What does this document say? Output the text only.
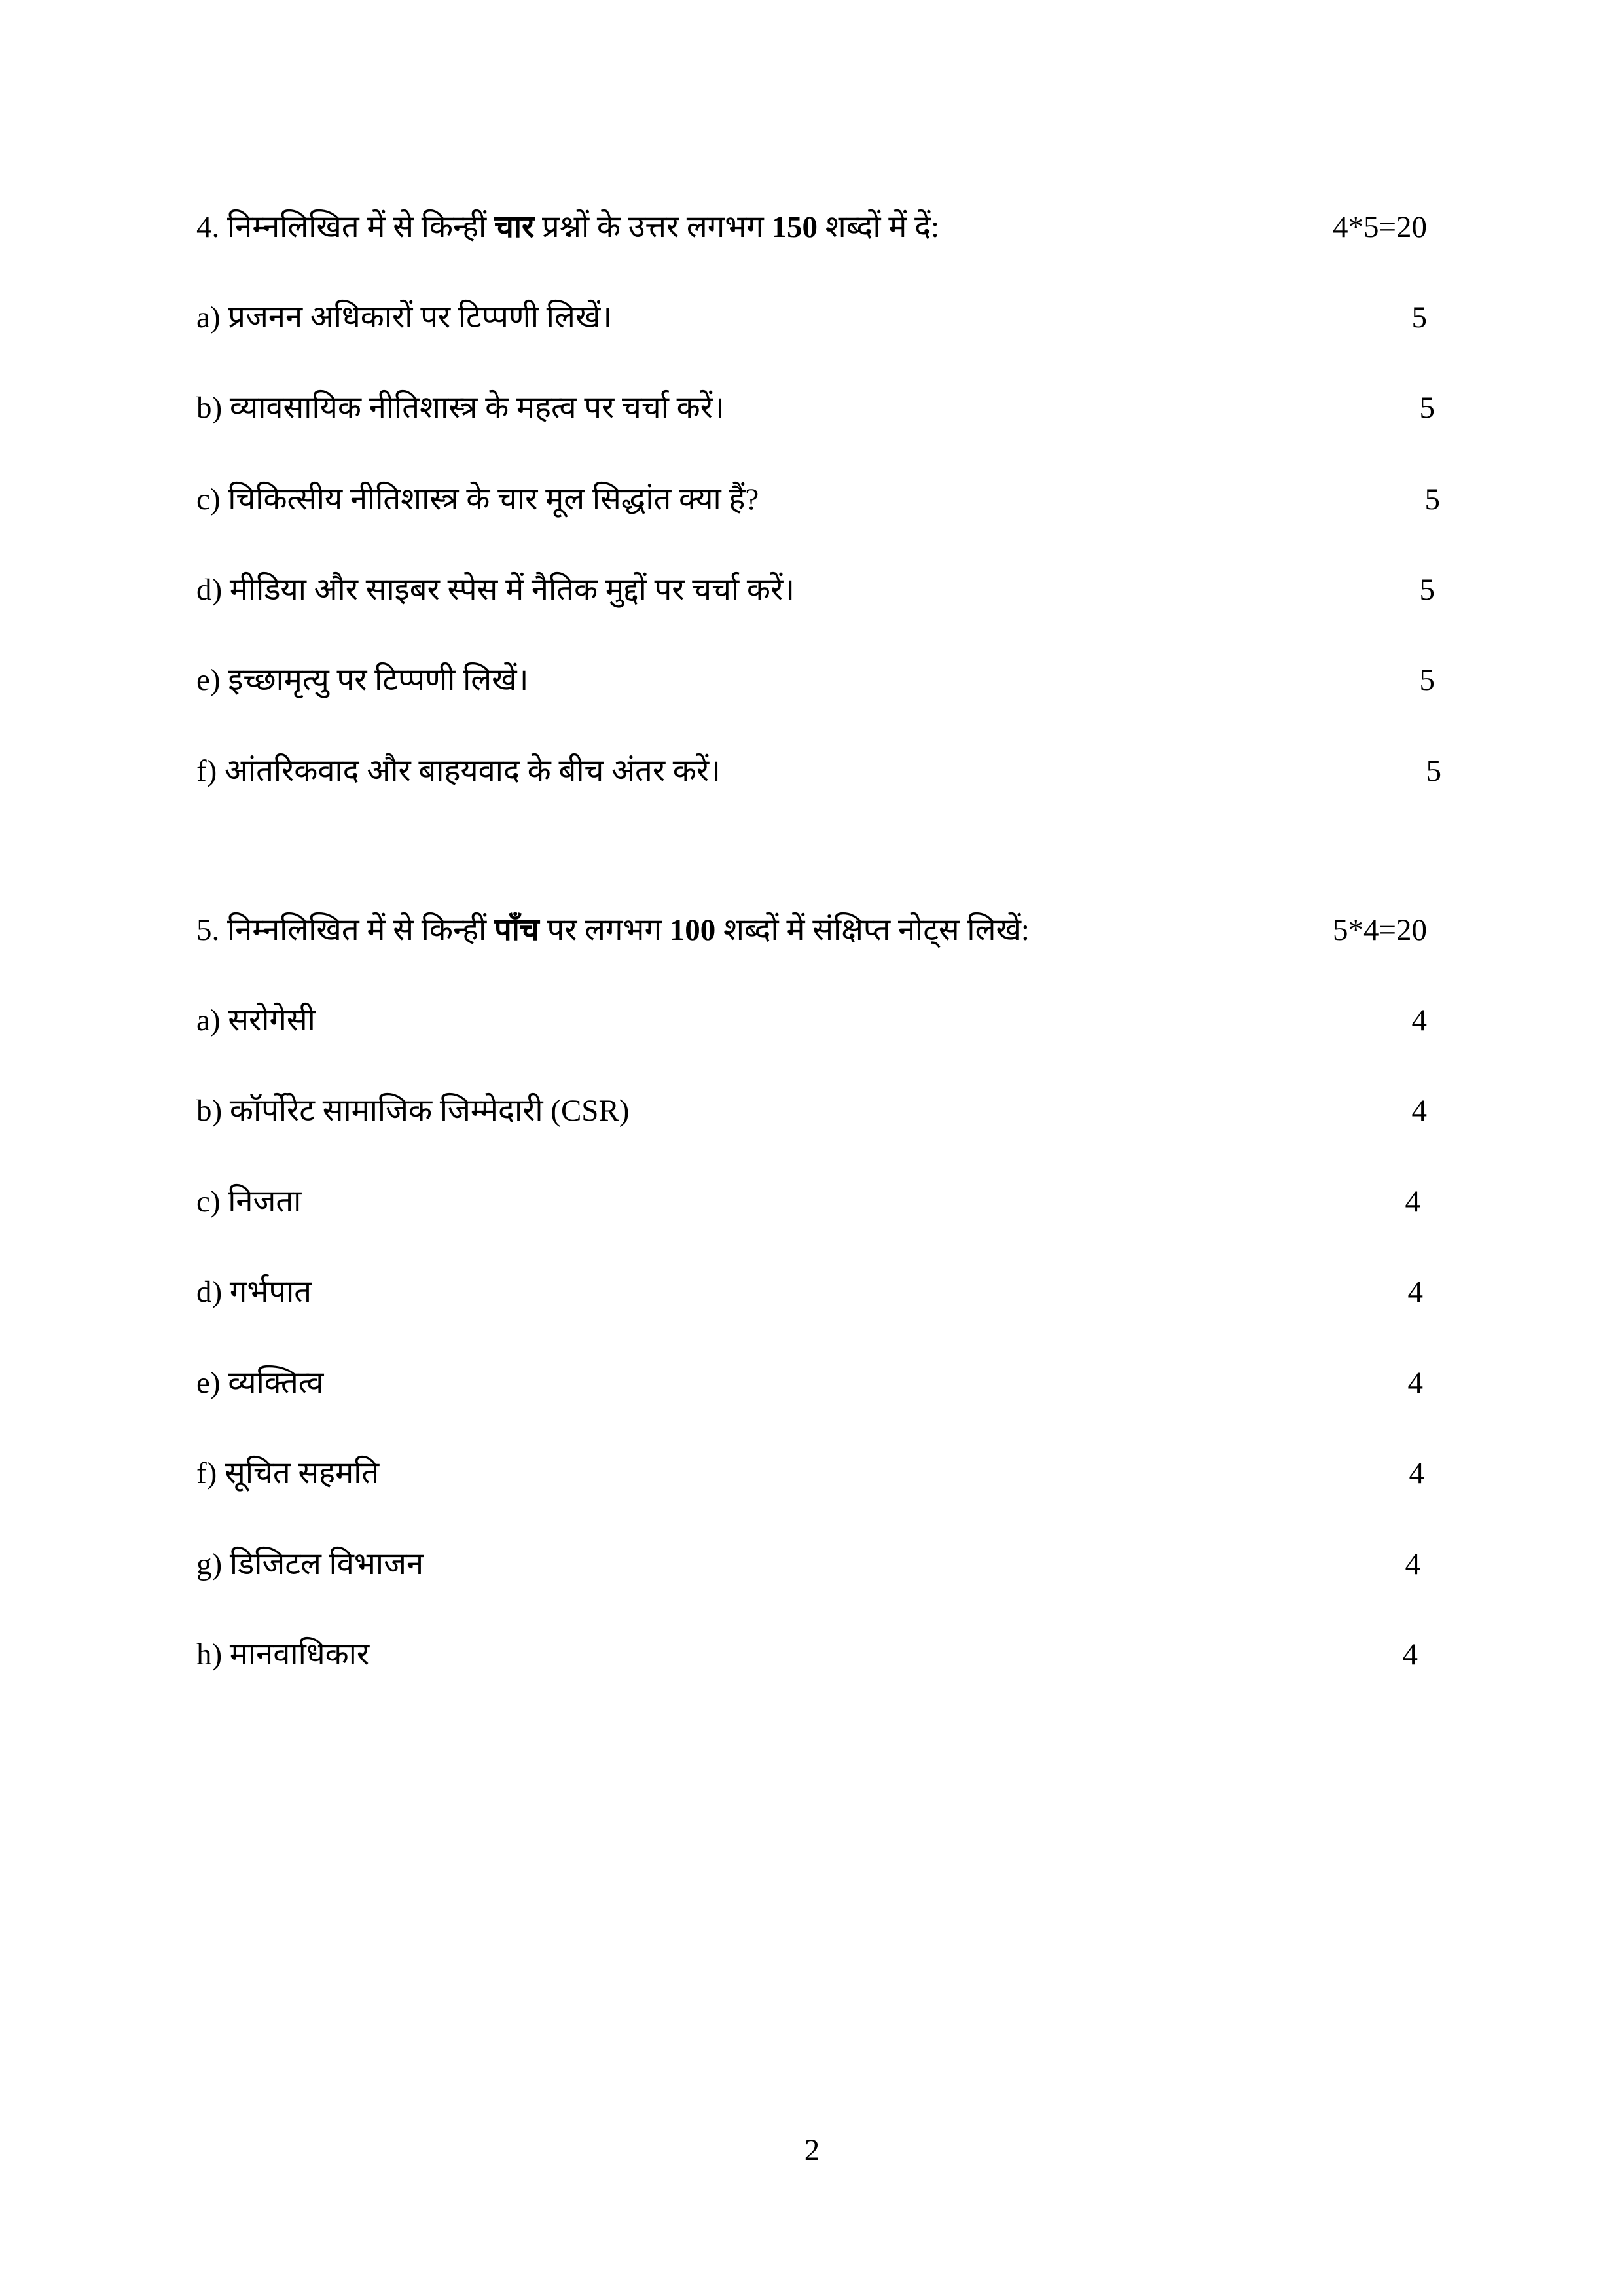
4. निम्नलिखित में से किन्हीं चार प्रश्नों के उत्तर लगभग 150 शब्दों में दें:	4*5=20
a) प्रजनन अधिकारों पर टिप्पणी लिखें।	5
b) व्यावसायिक नीतिशास्त्र के महत्व पर चर्चा करें।	5
c) चिकित्सीय नीतिशास्त्र के चार मूल सिद्धांत क्या हैं?	5
d) मीडिया और साइबर स्पेस में नैतिक मुद्दों पर चर्चा करें।	5
e) इच्छामृत्यु पर टिप्पणी लिखें।	5
f) आंतरिकवाद और बाहयवाद के बीच अंतर करें।	5
5. निम्नलिखित में से किन्हीं पाँच पर लगभग 100 शब्दों में संक्षिप्त नोट्स लिखें:	5*4=20
a) सरोगेसी	4
b) कॉर्पोरेट सामाजिक जिम्मेदारी (CSR)	4
c) निजता	4
d) गर्भपात	4
e) व्यक्तित्व	4
f) सूचित सहमति	4
g) डिजिटल विभाजन	4
h) मानवाधिकार	4
2
